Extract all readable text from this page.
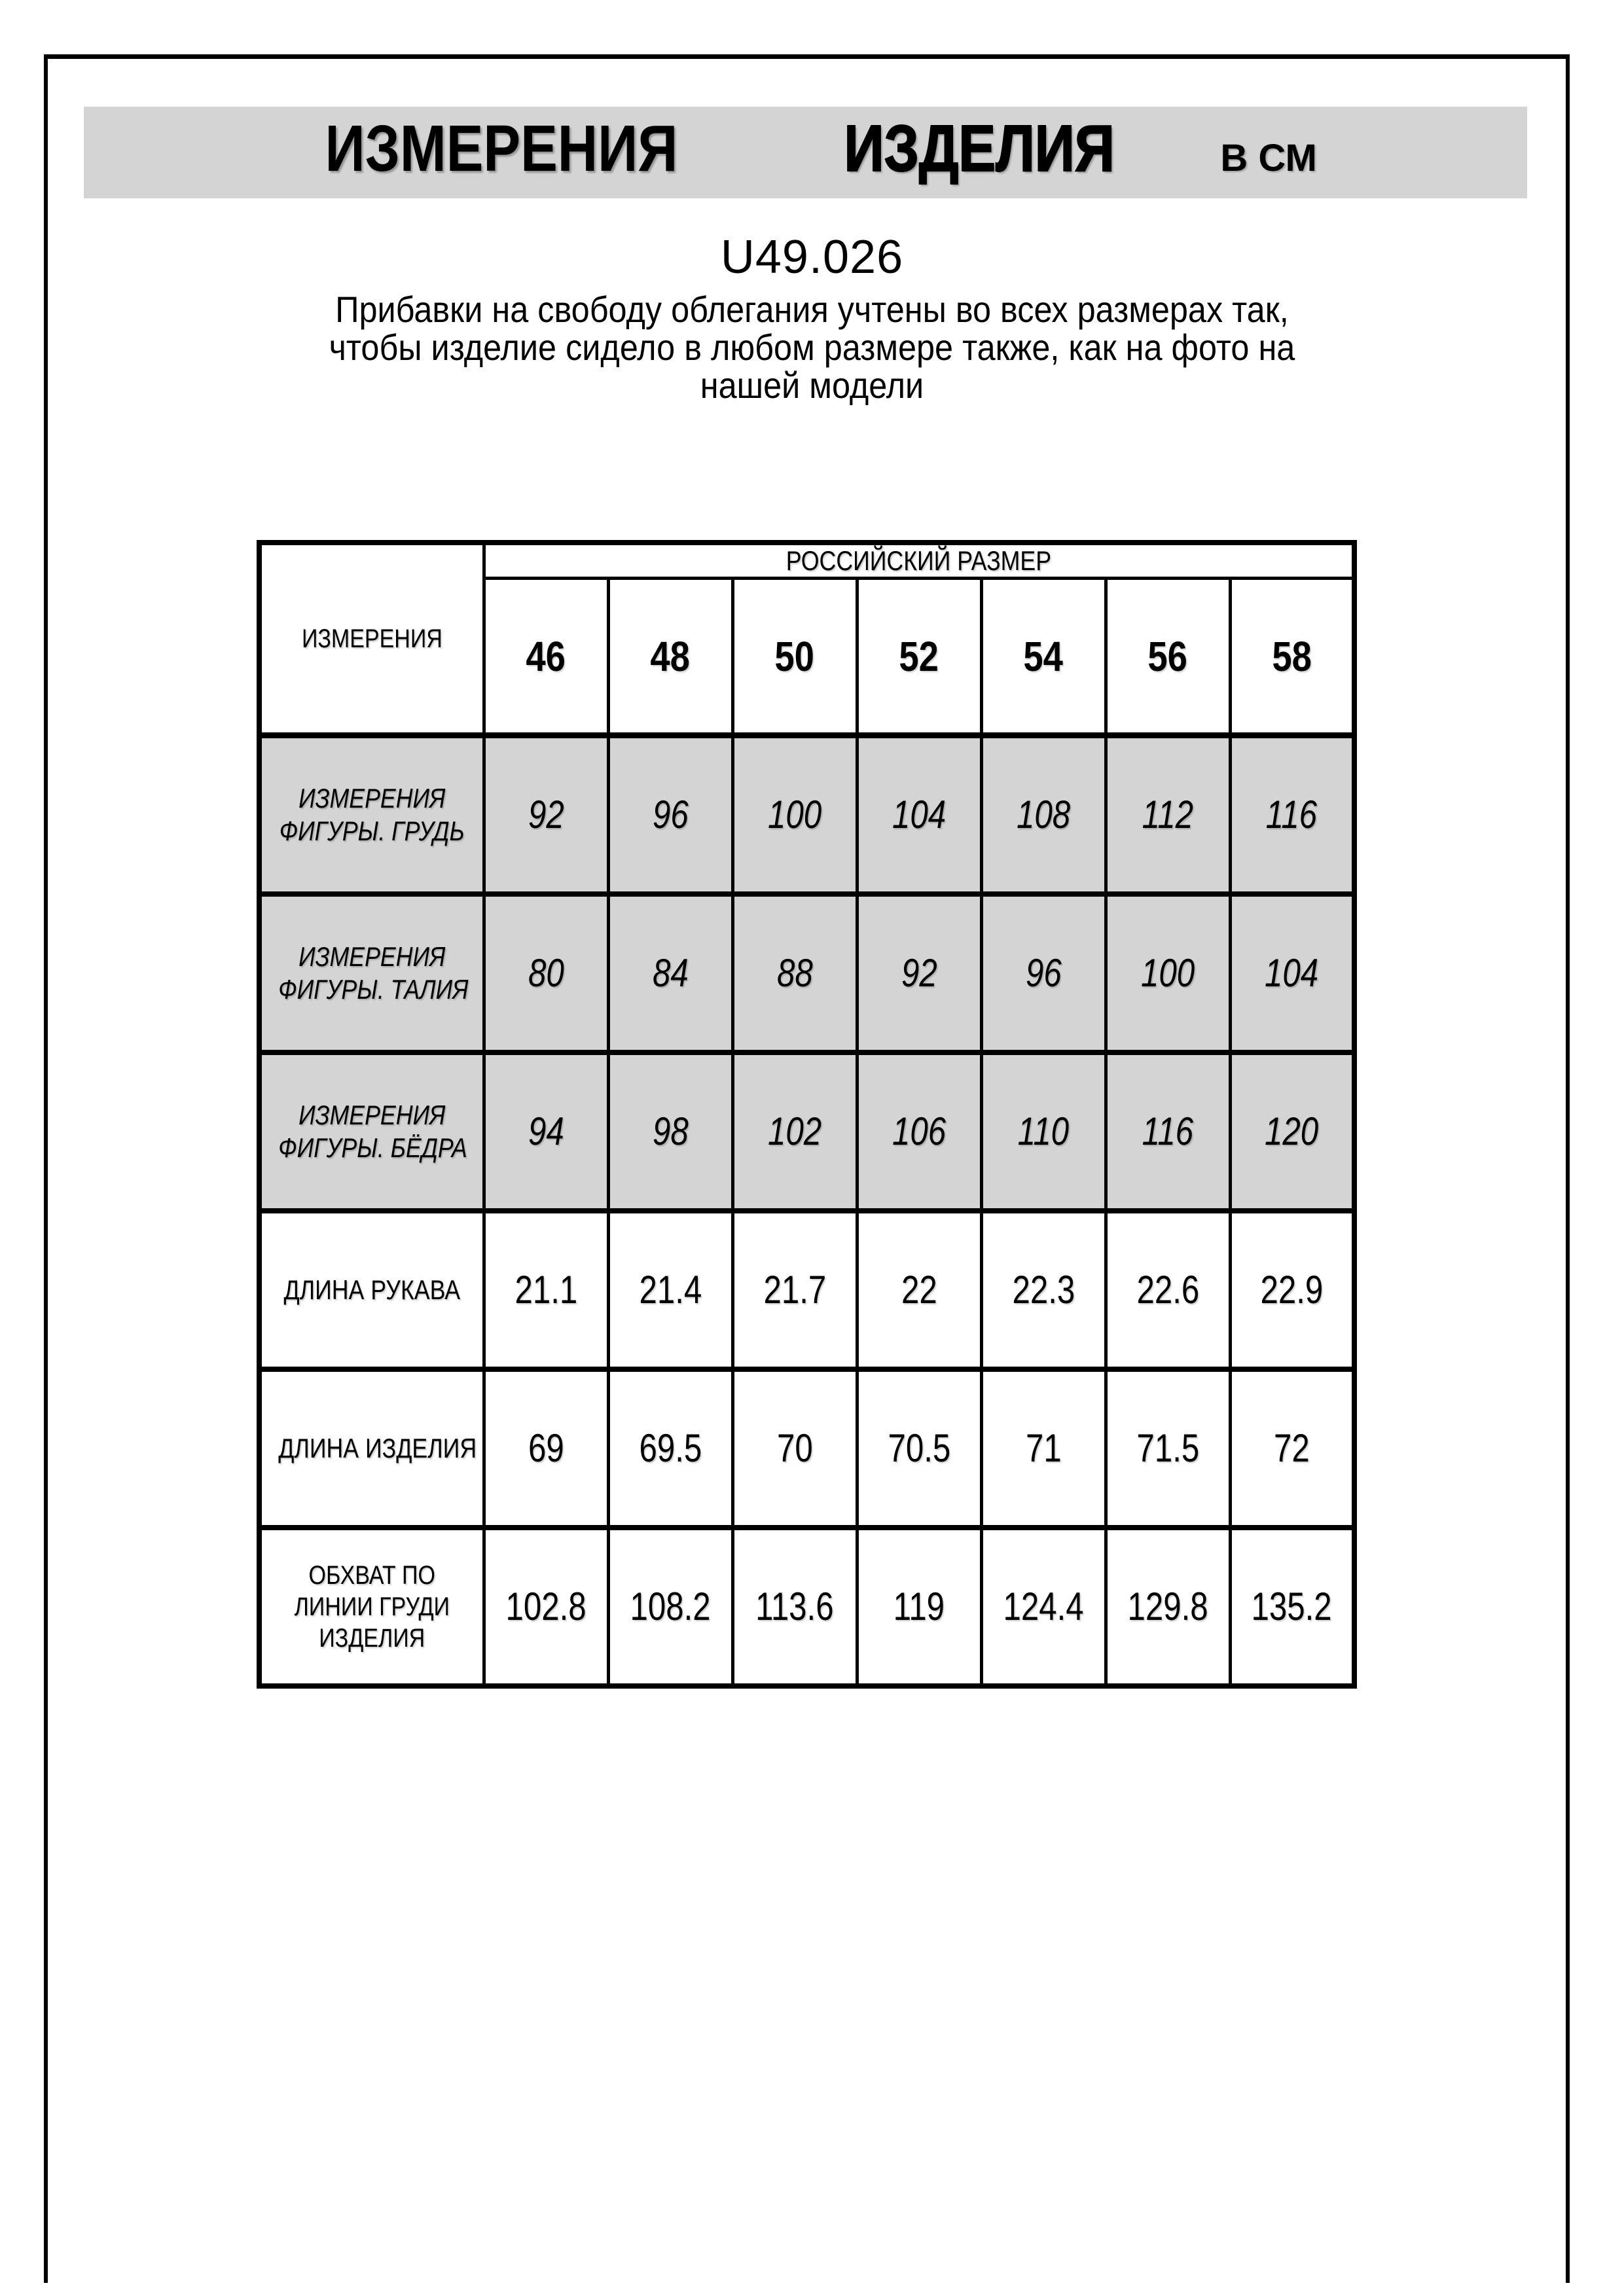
ИЗМЕРЕНИЯ	ИЗДЕЛИЯ	В СМ
U49.026
Прибавки на свободу облегания учтены во всех размерах так,
чтобы изделие сидело в любом размере также, как на фото на
нашей модели
ИЗМЕРЕНИЯ	РОССИЙСКИЙ РАЗМЕР						
	46	48	50	52	54	56	58

ИЗМЕРЕНИЯ
ФИГУРЫ. ГРУДЬ	92	96	100	104	108	112	116

ИЗМЕРЕНИЯ
ФИГУРЫ. ТАЛИЯ	80	84	88	92	96	100	104

ИЗМЕРЕНИЯ
ФИГУРЫ. БЁДРА	94	98	102	106	110	116	120

ДЛИНА РУКАВА	21.1	21.4	21.7	22	22.3	22.6	22.9

ДЛИНА ИЗДЕЛИЯ	69	69.5	70	70.5	71	71.5	72

ОБХВАТ ПО
ЛИНИИ ГРУДИ
ИЗДЕЛИЯ	102.8	108.2	113.6	119	124.4	129.8	135.2
